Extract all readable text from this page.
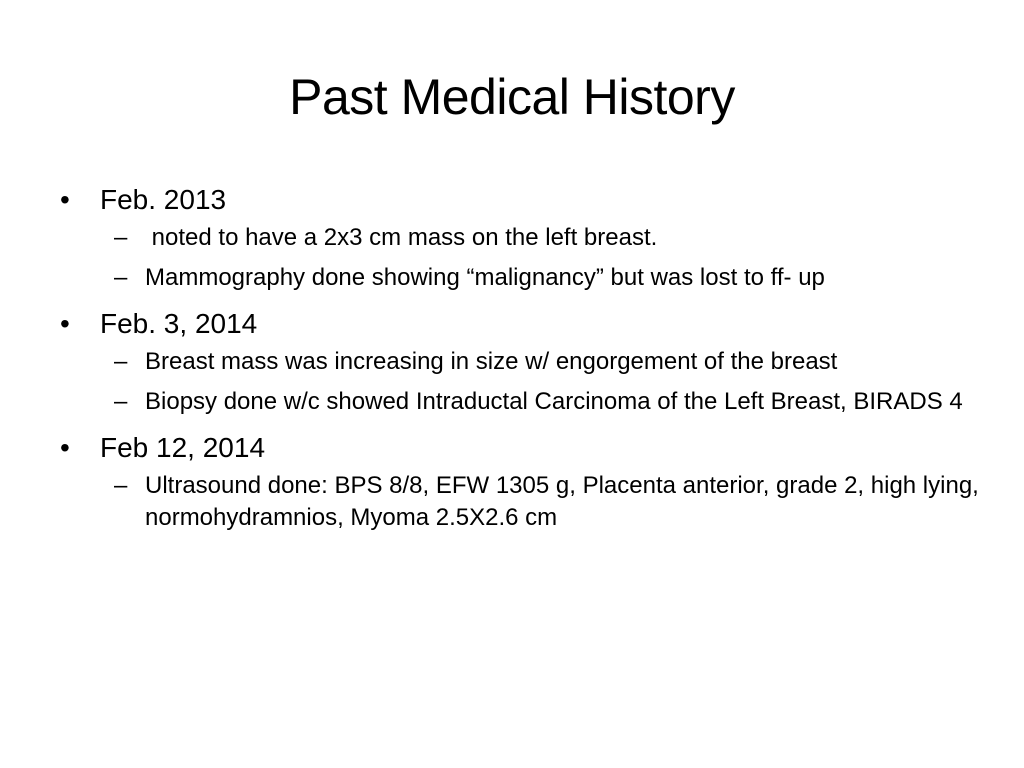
Past Medical History
•	Feb. 2013
– noted to have a 2x3 cm mass on the left breast.
– Mammography done showing “malignancy” but was lost to ff- up
•	Feb. 3, 2014
– Breast mass was increasing in size w/ engorgement of the breast
– Biopsy done w/c showed Intraductal Carcinoma of the Left Breast, BIRADS 4
•	Feb 12, 2014
– Ultrasound done: BPS 8/8, EFW 1305 g, Placenta anterior, grade 2, high lying, normohydramnios, Myoma 2.5X2.6 cm
